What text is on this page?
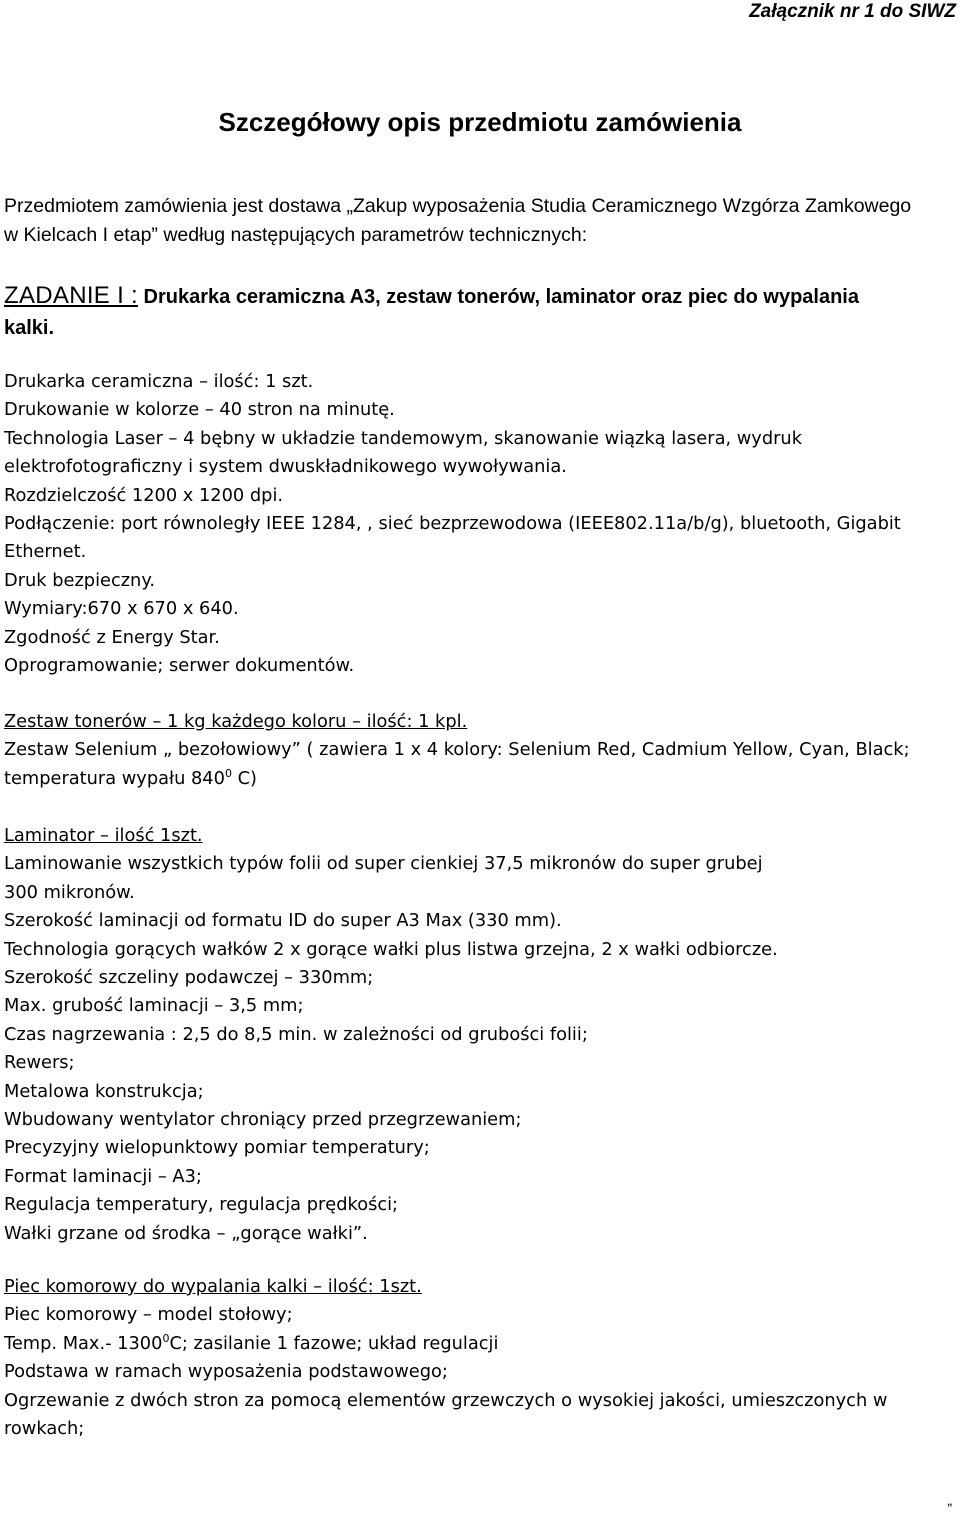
Załącznik nr 1 do SIWZ
Szczegółowy opis przedmiotu zamówienia
Przedmiotem zamówienia jest dostawa „Zakup wyposażenia Studia Ceramicznego Wzgórza Zamkowego
w Kielcach I etap” według następujących parametrów technicznych:
ZADANIE I : Drukarka ceramiczna A3, zestaw tonerów, laminator oraz piec do wypalania
kalki.

Drukarka ceramiczna – ilość: 1 szt.

Drukowanie w kolorze – 40 stron na minutę.

Technologia Laser – 4 bębny w układzie tandemowym, skanowanie wiązką lasera, wydruk

elektrofotograficzny i system dwuskładnikowego wywoływania.

Rozdzielczość 1200 x 1200 dpi.

Podłączenie: port równoległy IEEE 1284, , sieć bezprzewodowa (IEEE802.11a/b/g), bluetooth, Gigabit

Ethernet.

Druk bezpieczny.

Wymiary:670 x 670 x 640.

Zgodność z Energy Star.

Oprogramowanie; serwer dokumentów.

Zestaw tonerów – 1 kg każdego koloru – ilość: 1 kpl.

Zestaw Selenium „ bezołowiowy” ( zawiera 1 x 4 kolory: Selenium Red, Cadmium Yellow, Cyan, Black;

temperatura wypału $840^0$ C)

Laminator – ilość 1szt.

Laminowanie wszystkich typów folii od super cienkiej 37,5 mikronów do super grubej

300 mikronów.

Szerokość laminacji od formatu ID do super A3 Max (330 mm).

Technologia gorących wałków 2 x gorące wałki plus listwa grzejna, 2 x wałki odbiorcze.

Szerokość szczeliny podawczej – 330mm;

Max. grubość laminacji – 3,5 mm;

Czas nagrzewania : 2,5 do 8,5 min. w zależności od grubości folii;

Rewers;

Metalowa konstrukcja;

Wbudowany wentylator chroniący przed przegrzewaniem;

Precyzyjny wielopunktowy pomiar temperatury;

Format laminacji – A3;

Regulacja temperatury, regulacja prędkości;

Wałki grzane od środka – „gorące wałki”.

Piec komorowy do wypalania kalki – ilość: 1szt.

Piec komorowy – model stołowy;

Temp. Max.- 1300$^0$C; zasilanie 1 fazowe; układ regulacji

Podstawa w ramach wyposażenia podstawowego;

Ogrzewanie z dwóch stron za pomocą elementów grzewczych o wysokiej jakości, umieszczonych w

rowkach;

„
